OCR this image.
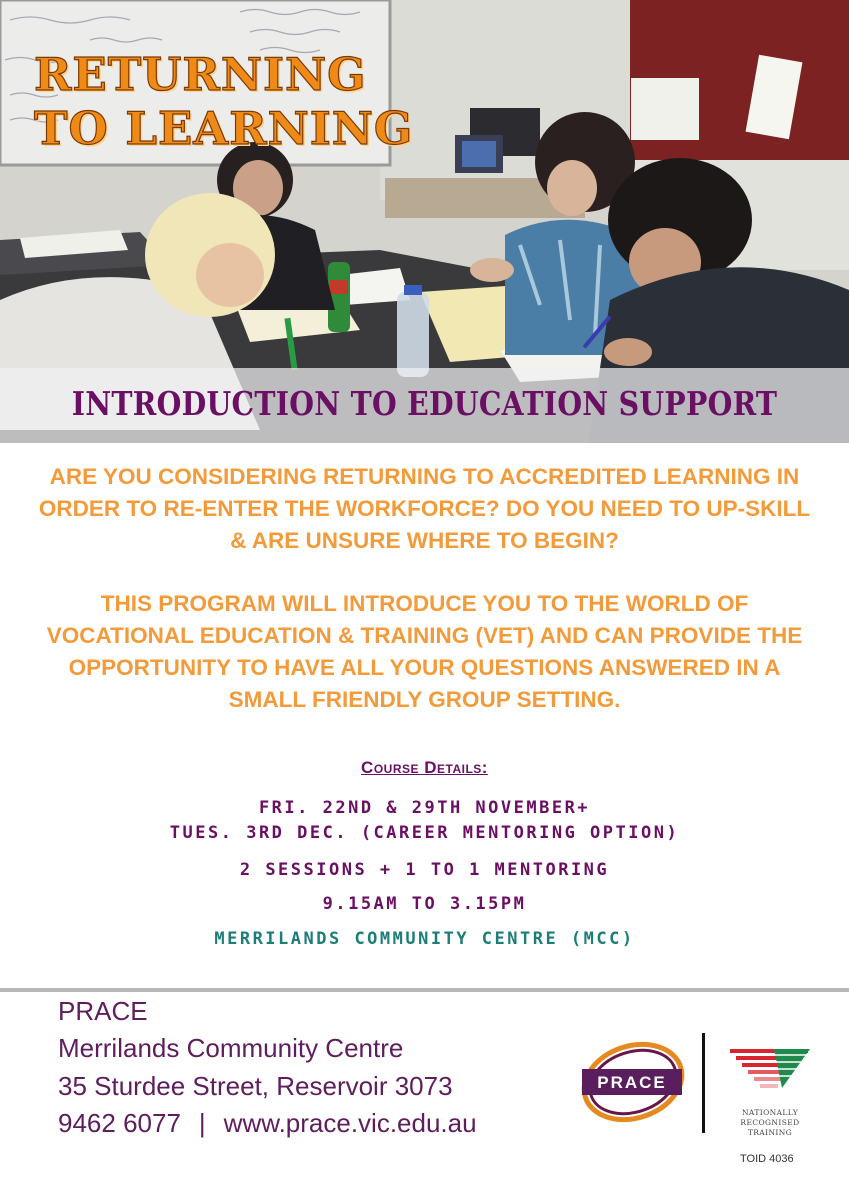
RETURNING
TO LEARNING
INTRODUCTION TO EDUCATION SUPPORT

ARE YOU CONSIDERING RETURNING TO ACCREDITED LEARNING IN ORDER TO RE-ENTER THE WORKFORCE? DO YOU NEED TO UP-SKILL & ARE UNSURE WHERE TO BEGIN?

THIS PROGRAM WILL INTRODUCE YOU TO THE WORLD OF VOCATIONAL EDUCATION & TRAINING (VET) AND CAN PROVIDE THE OPPORTUNITY TO HAVE ALL YOUR QUESTIONS ANSWERED IN A SMALL FRIENDLY GROUP SETTING.

Course Details:

FRI. 22ND & 29TH NOVEMBER+

TUES. 3RD DEC. (CAREER MENTORING OPTION)

2 SESSIONS + 1 TO 1 MENTORING

9.15AM TO 3.15PM

MERRILANDS COMMUNITY CENTRE (MCC)

PRACE

Merrilands Community Centre

35 Sturdee Street, Reservoir 3073

9462 6077 | www.prace.vic.edu.au

PRACE

NATIONALLY RECOGNISED
TRAINING

TOID 4036
